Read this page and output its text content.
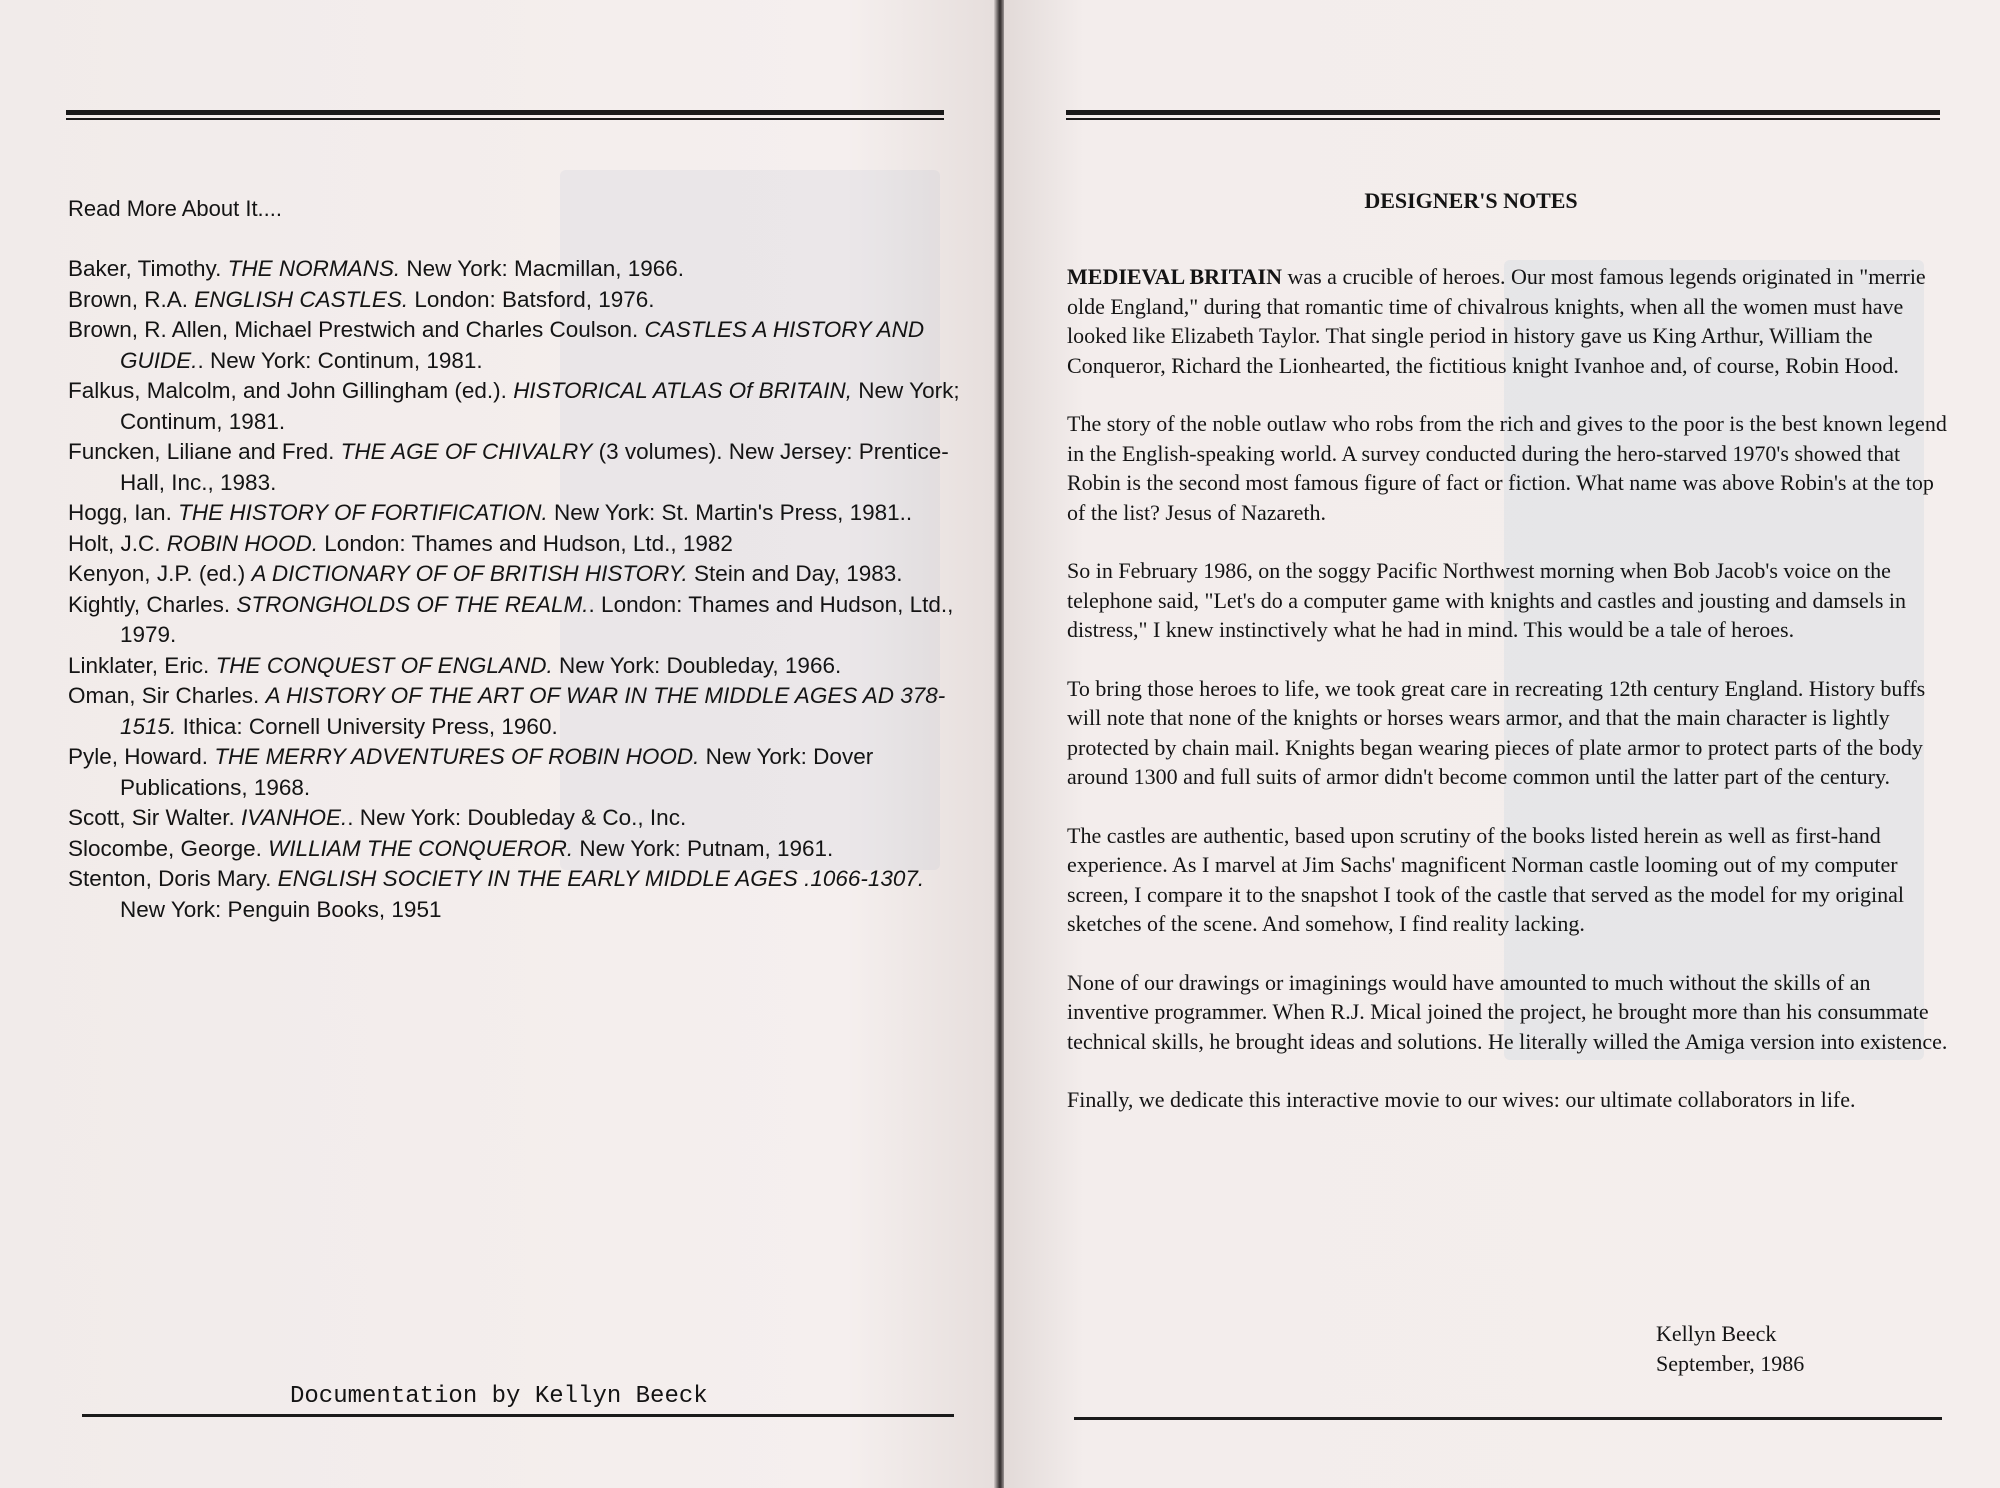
Read More About It....
Baker, Timothy. THE NORMANS. New York: Macmillan, 1966.
Brown, R.A. ENGLISH CASTLES. London: Batsford, 1976.
Brown, R. Allen, Michael Prestwich and Charles Coulson. CASTLES A HISTORY AND GUIDE.. New York: Continum, 1981.
Falkus, Malcolm, and John Gillingham (ed.). HISTORICAL ATLAS Of BRITAIN, New York; Continum, 1981.
Funcken, Liliane and Fred. THE AGE OF CHIVALRY (3 volumes). New Jersey: Prentice-Hall, Inc., 1983.
Hogg, Ian. THE HISTORY OF FORTIFICATION. New York: St. Martin's Press, 1981..
Holt, J.C. ROBIN HOOD. London: Thames and Hudson, Ltd., 1982
Kenyon, J.P. (ed.) A DICTIONARY OF OF BRITISH HISTORY. Stein and Day, 1983.
Kightly, Charles. STRONGHOLDS OF THE REALM.. London: Thames and Hudson, Ltd., 1979.
Linklater, Eric. THE CONQUEST OF ENGLAND. New York: Doubleday, 1966.
Oman, Sir Charles. A HISTORY OF THE ART OF WAR IN THE MIDDLE AGES AD 378-1515. Ithica: Cornell University Press, 1960.
Pyle, Howard. THE MERRY ADVENTURES OF ROBIN HOOD. New York: Dover Publications, 1968.
Scott, Sir Walter. IVANHOE.. New York: Doubleday & Co., Inc.
Slocombe, George. WILLIAM THE CONQUEROR. New York: Putnam, 1961.
Stenton, Doris Mary. ENGLISH SOCIETY IN THE EARLY MIDDLE AGES .1066-1307. New York: Penguin Books, 1951
Documentation by Kellyn Beeck
DESIGNER'S NOTES

MEDIEVAL BRITAIN was a crucible of heroes. Our most famous legends originated in "merrie olde England," during that romantic time of chivalrous knights, when all the women must have looked like Elizabeth Taylor. That single period in history gave us King Arthur, William the Conqueror, Richard the Lionhearted, the fictitious knight Ivanhoe and, of course, Robin Hood.

The story of the noble outlaw who robs from the rich and gives to the poor is the best known legend in the English-speaking world. A survey conducted during the hero-starved 1970's showed that Robin is the second most famous figure of fact or fiction. What name was above Robin's at the top of the list? Jesus of Nazareth.

So in February 1986, on the soggy Pacific Northwest morning when Bob Jacob's voice on the telephone said, "Let's do a computer game with knights and castles and jousting and damsels in distress," I knew instinctively what he had in mind. This would be a tale of heroes.

To bring those heroes to life, we took great care in recreating 12th century England. History buffs will note that none of the knights or horses wears armor, and that the main character is lightly protected by chain mail. Knights began wearing pieces of plate armor to protect parts of the body around 1300 and full suits of armor didn't become common until the latter part of the century.

The castles are authentic, based upon scrutiny of the books listed herein as well as first-hand experience. As I marvel at Jim Sachs' magnificent Norman castle looming out of my computer screen, I compare it to the snapshot I took of the castle that served as the model for my original sketches of the scene. And somehow, I find reality lacking.

None of our drawings or imaginings would have amounted to much without the skills of an inventive programmer. When R.J. Mical joined the project, he brought more than his consummate technical skills, he brought ideas and solutions. He literally willed the Amiga version into existence.

Finally, we dedicate this interactive movie to our wives: our ultimate collaborators in life.

Kellyn Beeck
September, 1986
